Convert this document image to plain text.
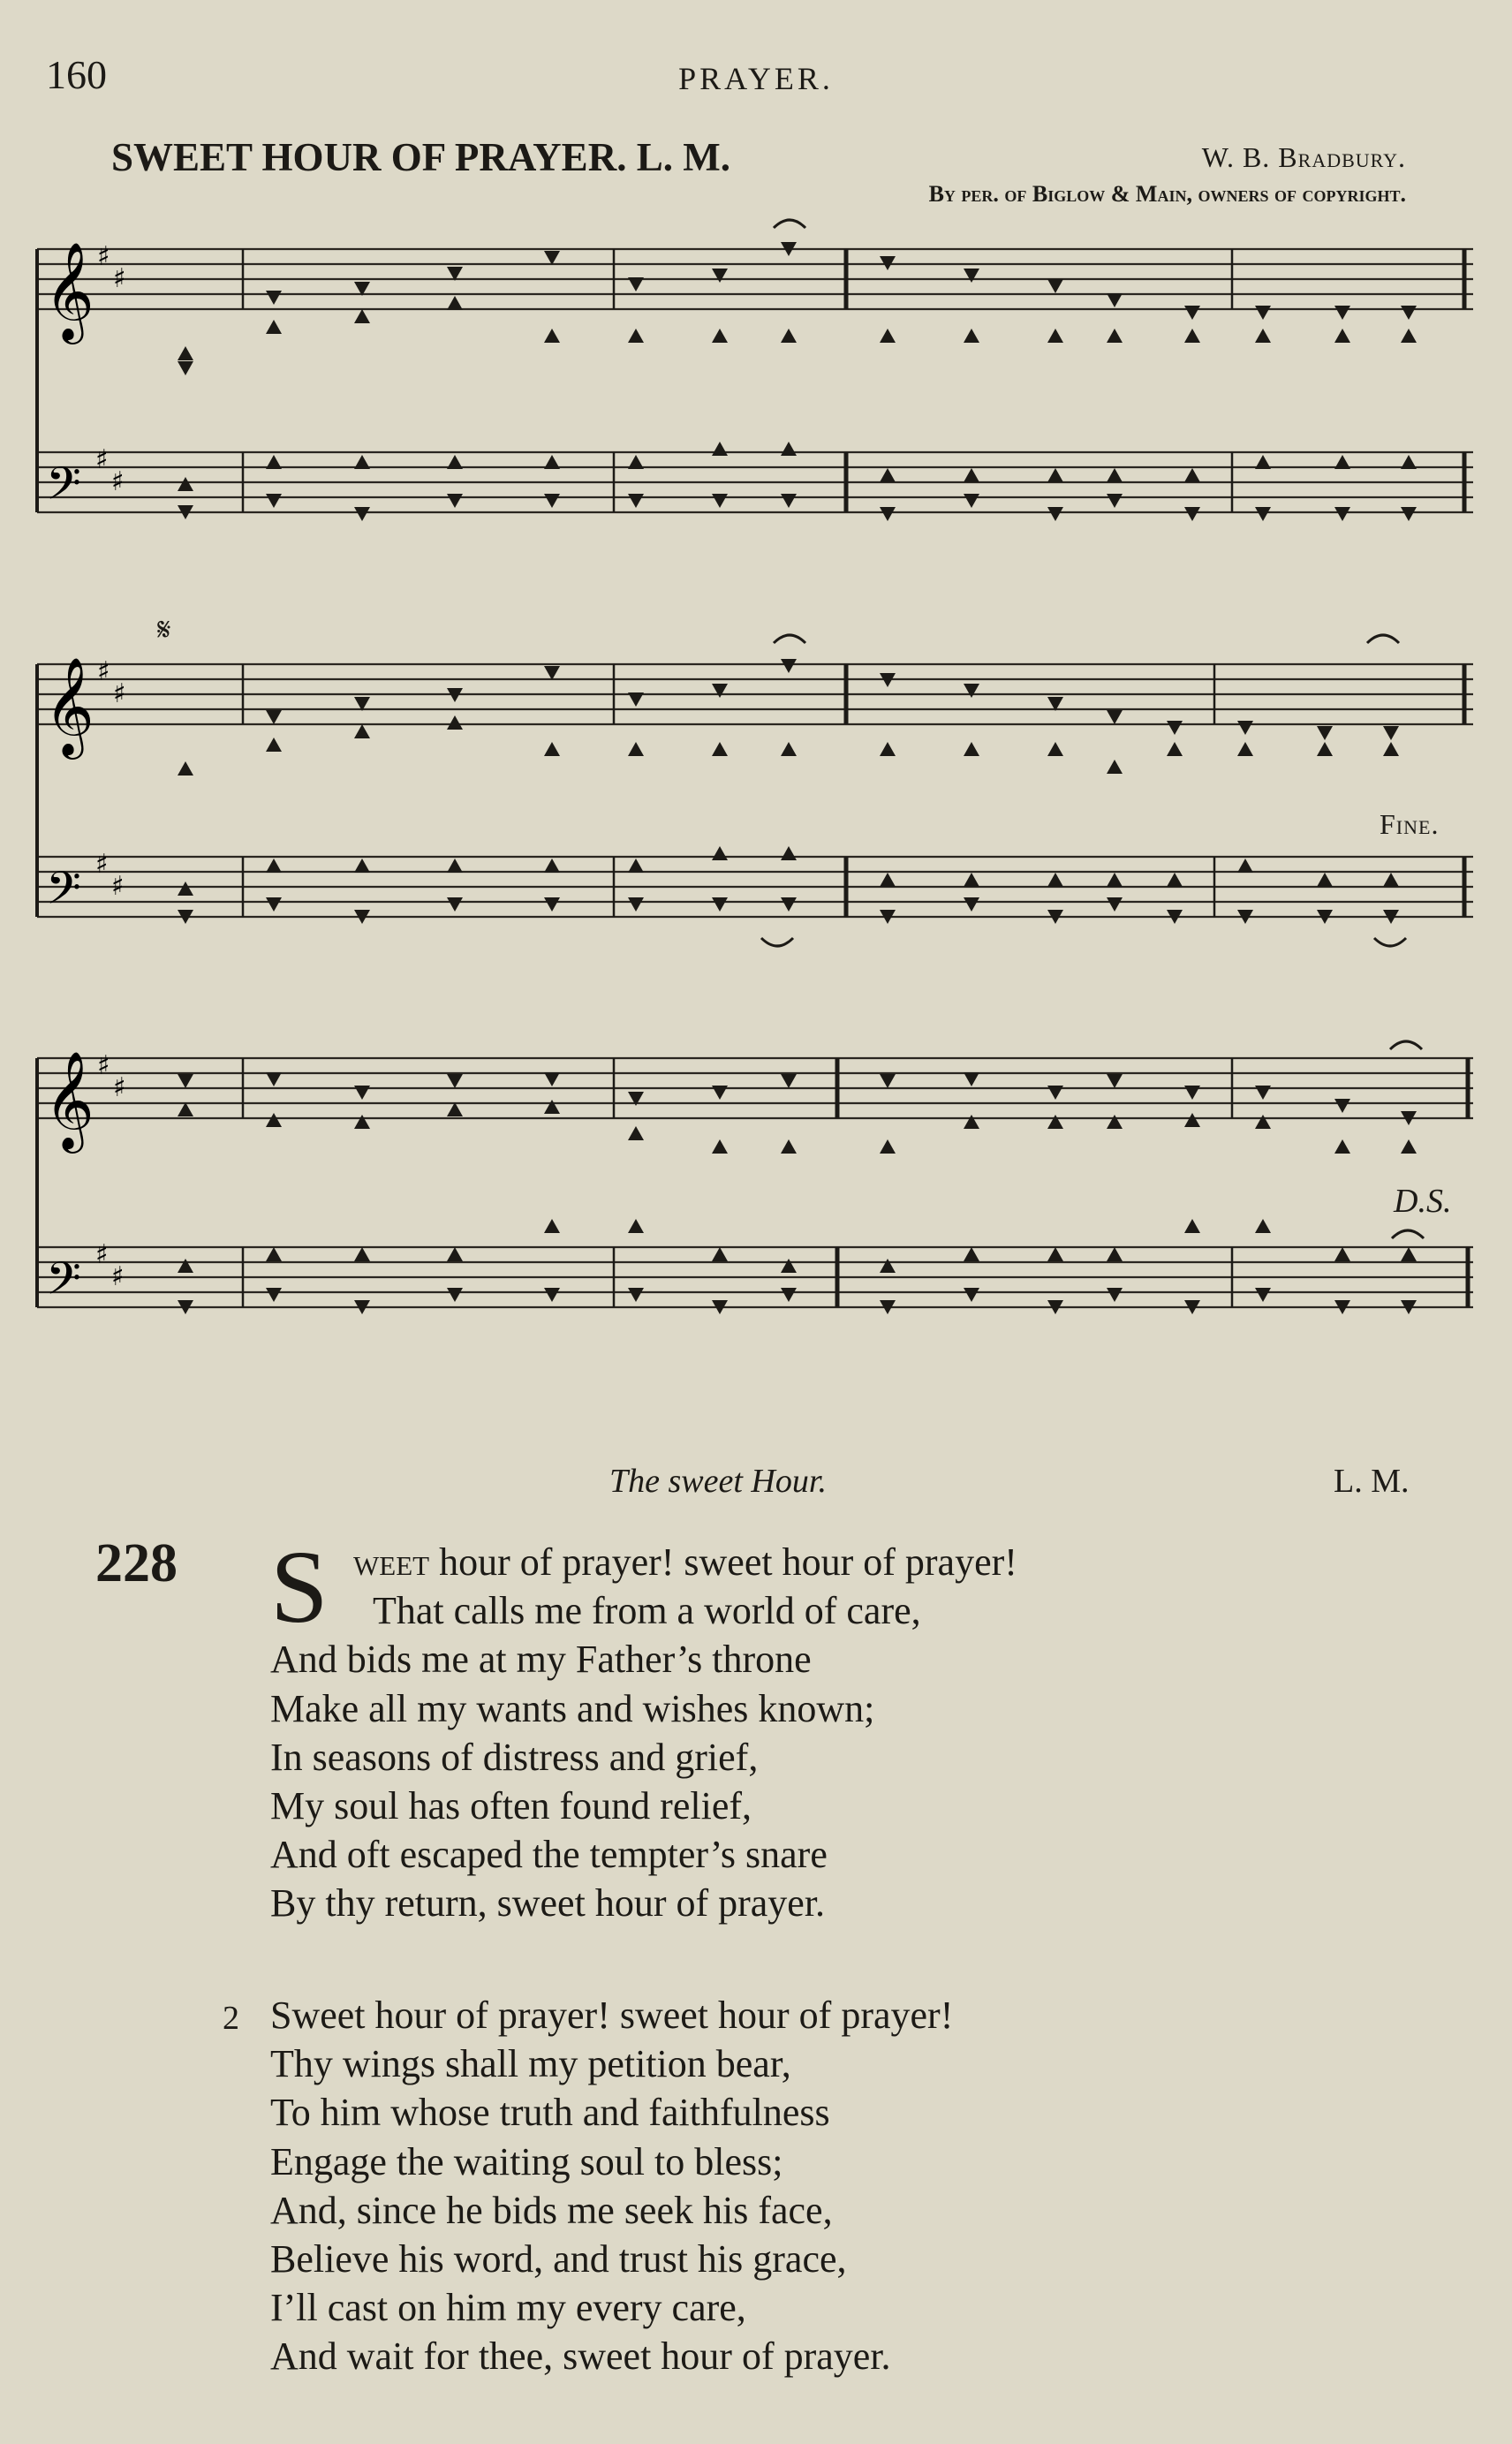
160	PRAYER.
SWEET HOUR OF PRAYER. L. M.	W. B. Bradbury.
By per. of Biglow & Main, owners of copyright.
𝄞
𝄢
♯
♯
♯
♯
𝄞
𝄢
♯
♯
♯
♯
𝄞
𝄢
♯
♯
♯
♯
𝄋
Fine.
D.S.
The sweet Hour.	L. M.
228 S weet hour of prayer! sweet hour of prayer!
That calls me from a world of care,
And bids me at my Father’s throne
Make all my wants and wishes known;
In seasons of distress and grief,
My soul has often found relief,
And oft escaped the tempter’s snare
By thy return, sweet hour of prayer.
2 Sweet hour of prayer! sweet hour of prayer!
Thy wings shall my petition bear,
To him whose truth and faithfulness
Engage the waiting soul to bless;
And, since he bids me seek his face,
Believe his word, and trust his grace,
I’ll cast on him my every care,
And wait for thee, sweet hour of prayer.
